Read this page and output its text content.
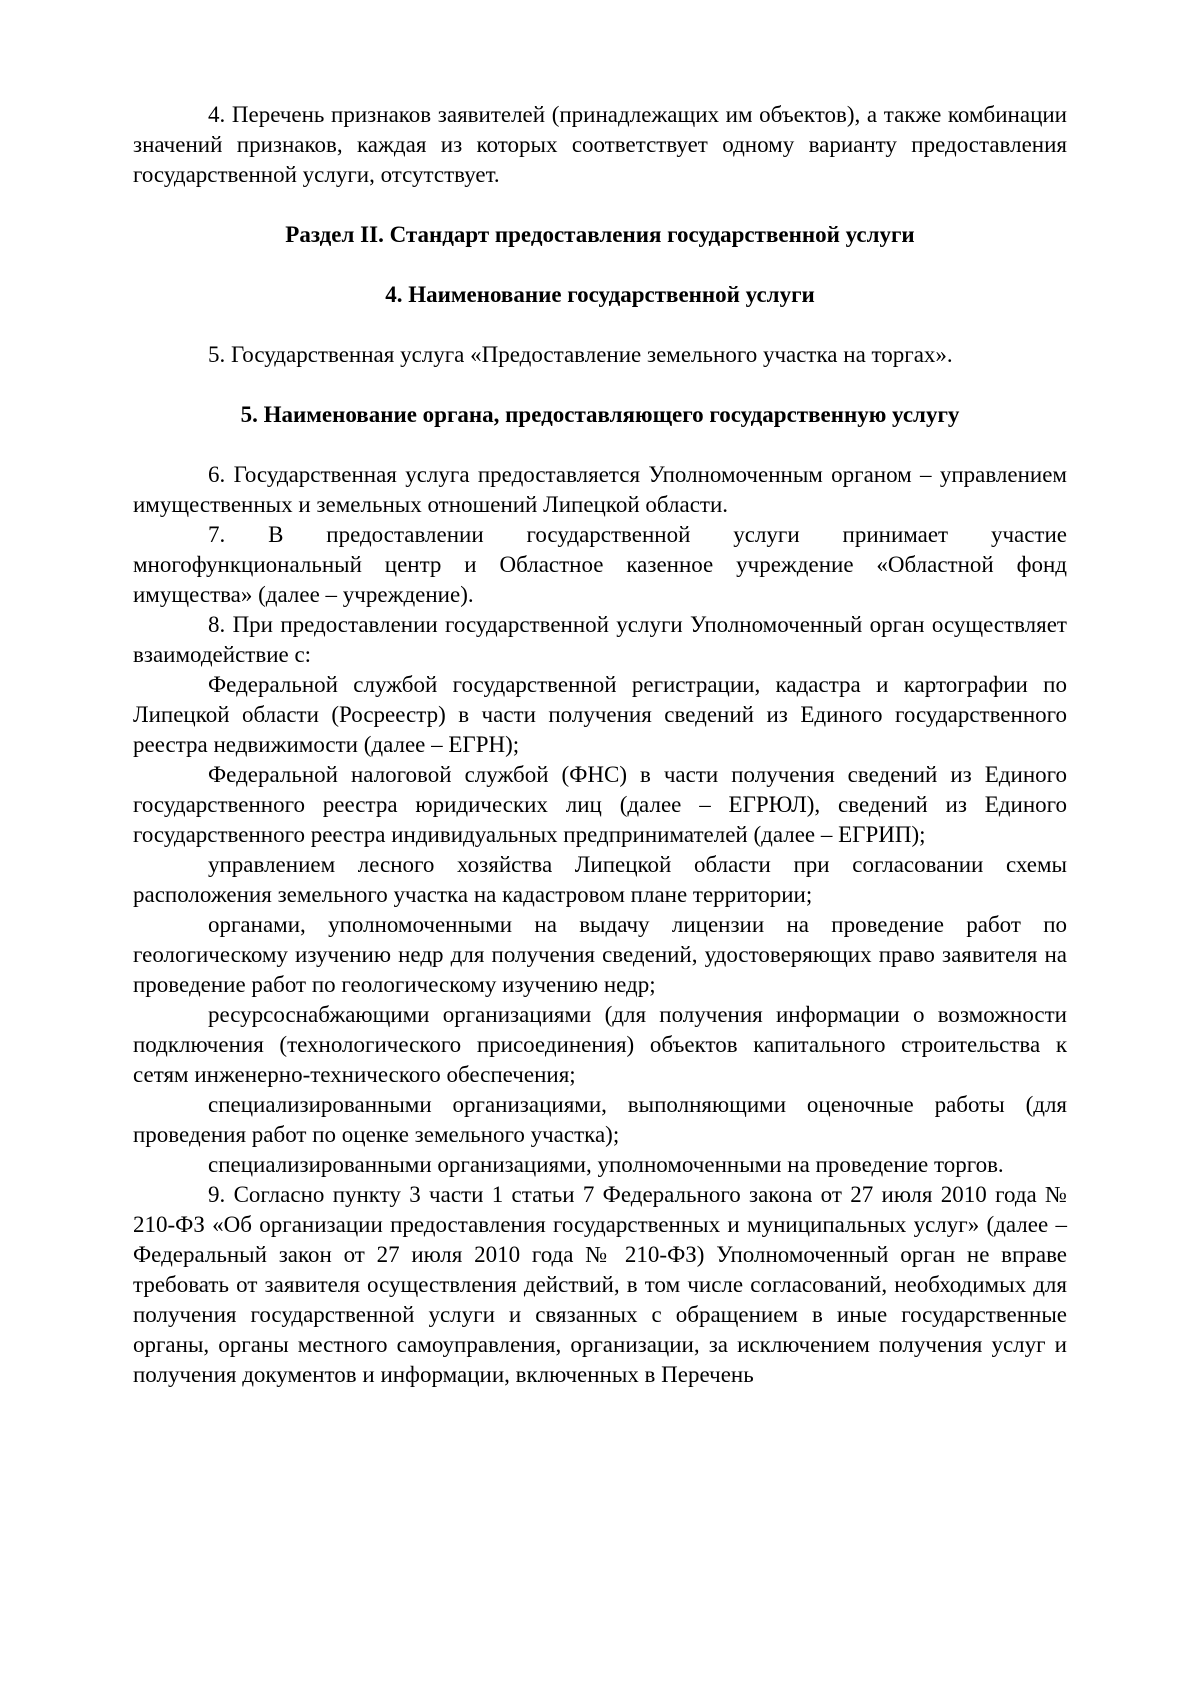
4. Перечень признаков заявителей (принадлежащих им объектов), а также комбинации значений признаков, каждая из которых соответствует одному варианту предоставления государственной услуги, отсутствует.

Раздел II. Стандарт предоставления государственной услуги

4. Наименование государственной услуги

5. Государственная услуга «Предоставление земельного участка на торгах».

5. Наименование органа, предоставляющего государственную услугу

6. Государственная услуга предоставляется Уполномоченным органом – управлением имущественных и земельных отношений Липецкой области.

7. В предоставлении государственной услуги принимает участие многофункциональный центр и Областное казенное учреждение «Областной фонд имущества» (далее – учреждение).

8. При предоставлении государственной услуги Уполномоченный орган осуществляет взаимодействие с:

Федеральной службой государственной регистрации, кадастра и картографии по Липецкой области (Росреестр) в части получения сведений из Единого государственного реестра недвижимости (далее – ЕГРН);

Федеральной налоговой службой (ФНС) в части получения сведений из Единого государственного реестра юридических лиц (далее – ЕГРЮЛ), сведений из Единого государственного реестра индивидуальных предпринимателей (далее – ЕГРИП);

управлением лесного хозяйства Липецкой области при согласовании схемы расположения земельного участка на кадастровом плане территории;

органами, уполномоченными на выдачу лицензии на проведение работ по геологическому изучению недр для получения сведений, удостоверяющих право заявителя на проведение работ по геологическому изучению недр;

ресурсоснабжающими организациями (для получения информации о возможности подключения (технологического присоединения) объектов капитального строительства к сетям инженерно-технического обеспечения;

специализированными организациями, выполняющими оценочные работы (для проведения работ по оценке земельного участка);

специализированными организациями, уполномоченными на проведение торгов.

9. Согласно пункту 3 части 1 статьи 7 Федерального закона от 27 июля 2010 года № 210-ФЗ «Об организации предоставления государственных и муниципальных услуг» (далее – Федеральный закон от 27 июля 2010 года № 210-ФЗ) Уполномоченный орган не вправе требовать от заявителя осуществления действий, в том числе согласований, необходимых для получения государственной услуги и связанных с обращением в иные государственные органы, органы местного самоуправления, организации, за исключением получения услуг и получения документов и информации, включенных в Перечень
